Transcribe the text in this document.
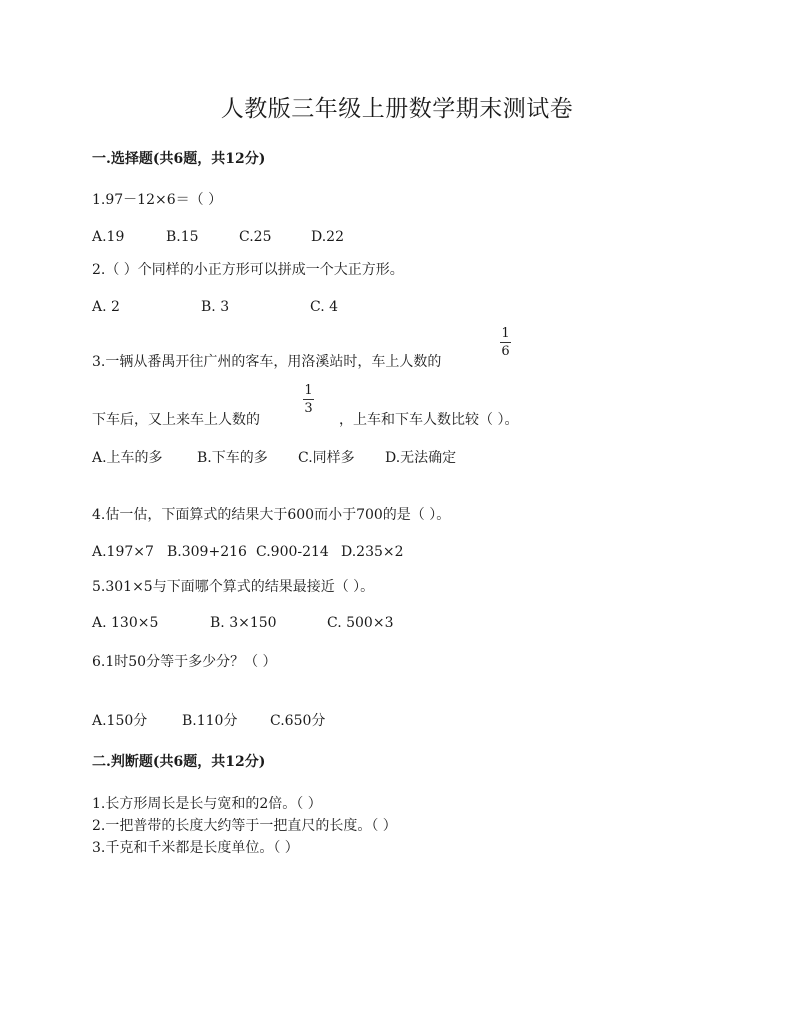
人教版三年级上册数学期末测试卷
一.选择题(共6题，共12分)
1.97－12×6＝（ ）
A.19	B.15	C.25	D.22
2.（ ）个同样的小正方形可以拼成一个大正方形。
A. 2	B. 3	C. 4
1
6
3.一辆从番禺开往广州的客车，用洛溪站时，车上人数的
1
3
下车后，又上来车上人数的	，上车和下车人数比较（ ）。
A.上车的多 B.下车的多 C.同样多 D.无法确定
4.估一估，下面算式的结果大于600而小于700的是（ ）。
A.197×7 B.309+216 C.900-214 D.235×2
5.301×5与下面哪个算式的结果最接近（ ）。
A. 130×5	B. 3×150	C. 500×3
6.1时50分等于多少分？（ ）
A.150分 B.110分 C.650分
二.判断题(共6题，共12分)
1.长方形周长是长与宽和的2倍。（ ）
2.一把普带的长度大约等于一把直尺的长度。（ ）
3.千克和千米都是长度单位。（ ）
